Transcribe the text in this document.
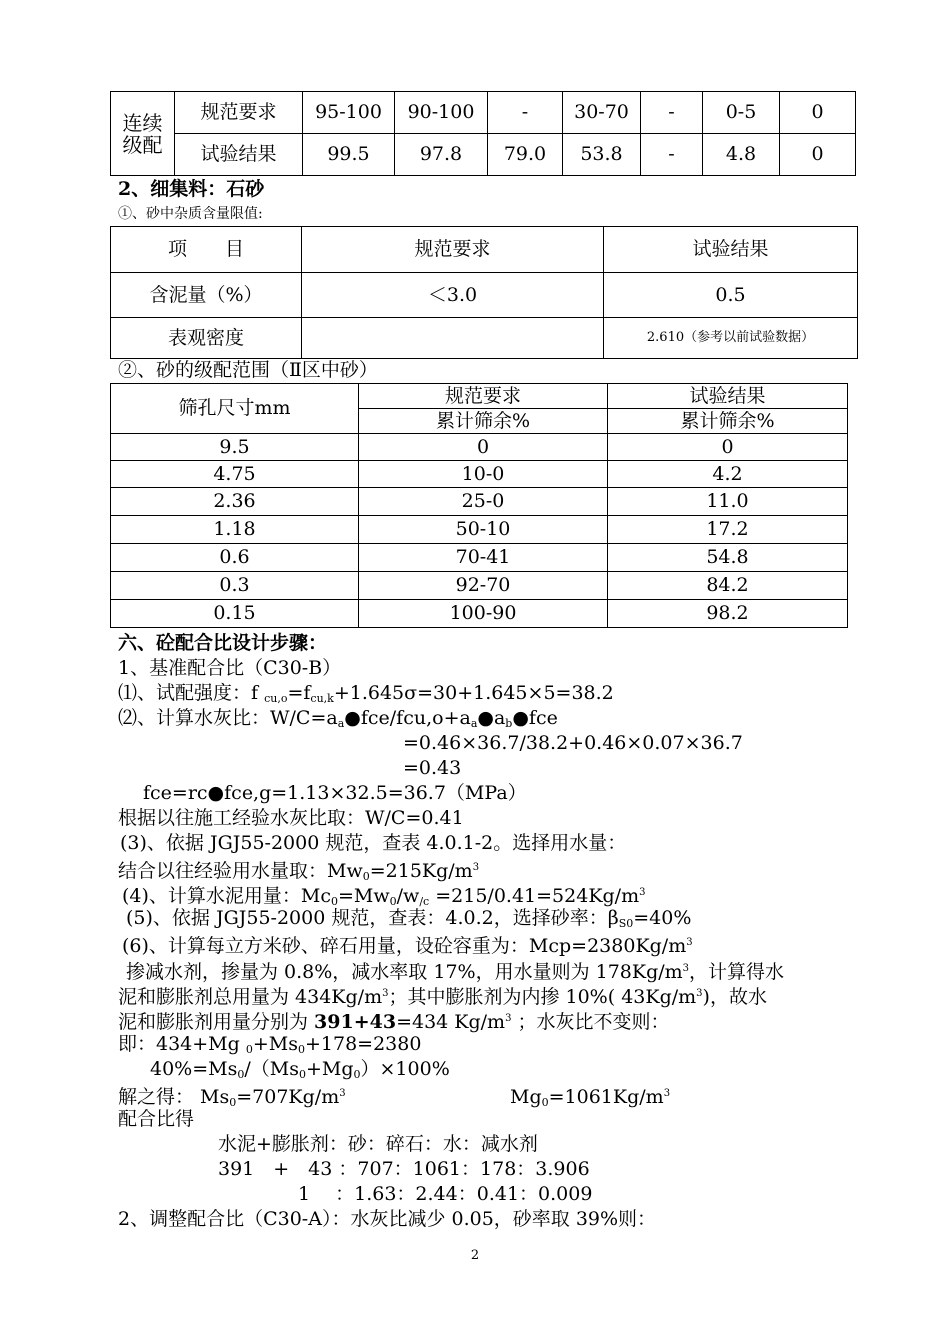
连续级配	规范要求	95-100	90-100	-	30-70	-	0-5	0
	试验结果	99.5	97.8	79.0	53.8	-	4.8	0
2、细集料：石砂
①、砂中杂质含量限值:
项　　目	规范要求	试验结果
含泥量（%）	＜3.0	0.5
表观密度		2.610（参考以前试验数据）
②、砂的级配范围（Ⅱ区中砂）
筛孔尺寸mm	规范要求	试验结果
	累计筛余%	累计筛余%
9.5	0	0
4.75	10-0	4.2
2.36	25-0	11.0
1.18	50-10	17.2
0.6	70-41	54.8
0.3	92-70	84.2
0.15	100-90	98.2
六、砼配合比设计步骤：
1、基准配合比（C30-B）
⑴、试配强度：f $_{cu,o}=f_{cu,k}+1.645\sigma=30+1.645\times 5=38.2$
⑵、计算水灰比：$W/C=a_a●fce/fcu,o+a_a●a_b●fce$
=0.46×36.7/38.2+0.46×0.07×36.7
=0.43
fce=rc●fce,g=1.13×32.5=36.7（MPa）
根据以往施工经验水灰比取：W/C=0.41
(3)、依据 JGJ55-2000 规范，查表 4.0.1-2。选择用水量：
结合以往经验用水量取：$Mw_0=215Kg/m^3$
(4)、计算水泥用量：$Mc_0=Mw_0/w_{/c} =215/0.41=524Kg/m^3$
(5)、依据 JGJ55-2000 规范，查表：4.0.2，选择砂率：$\beta_{S0}=40\%$
(6)、计算每立方米砂、碎石用量，设砼容重为：$Mcp=2380Kg/m^3$
掺减水剂，掺量为 0.8%，减水率取 17%，用水量则为 $178Kg/m^3$，计算得水
泥和膨胀剂总用量为 $434Kg/m^3$；其中膨胀剂为内掺 10%( $43Kg/m^3$)，故水
泥和膨胀剂用量分别为 391+43=434 $Kg/m^3$ ；水灰比不变则：
即：434+Mg $_0+Ms_0+178=2380$
$40\%=Ms_0/(Ms_0+Mg_0)\times 100\%$
解之得： $Ms_0=707Kg/m^3$	$Mg_0=1061Kg/m^3$
配合比得
水泥+膨胀剂：砂：碎石：水：减水剂
391　+　43 ：707：1061：178：3.906
1　 ：1.63：2.44：0.41：0.009
2、调整配合比（C30-A）：水灰比减少 0.05，砂率取 39%则：
2
